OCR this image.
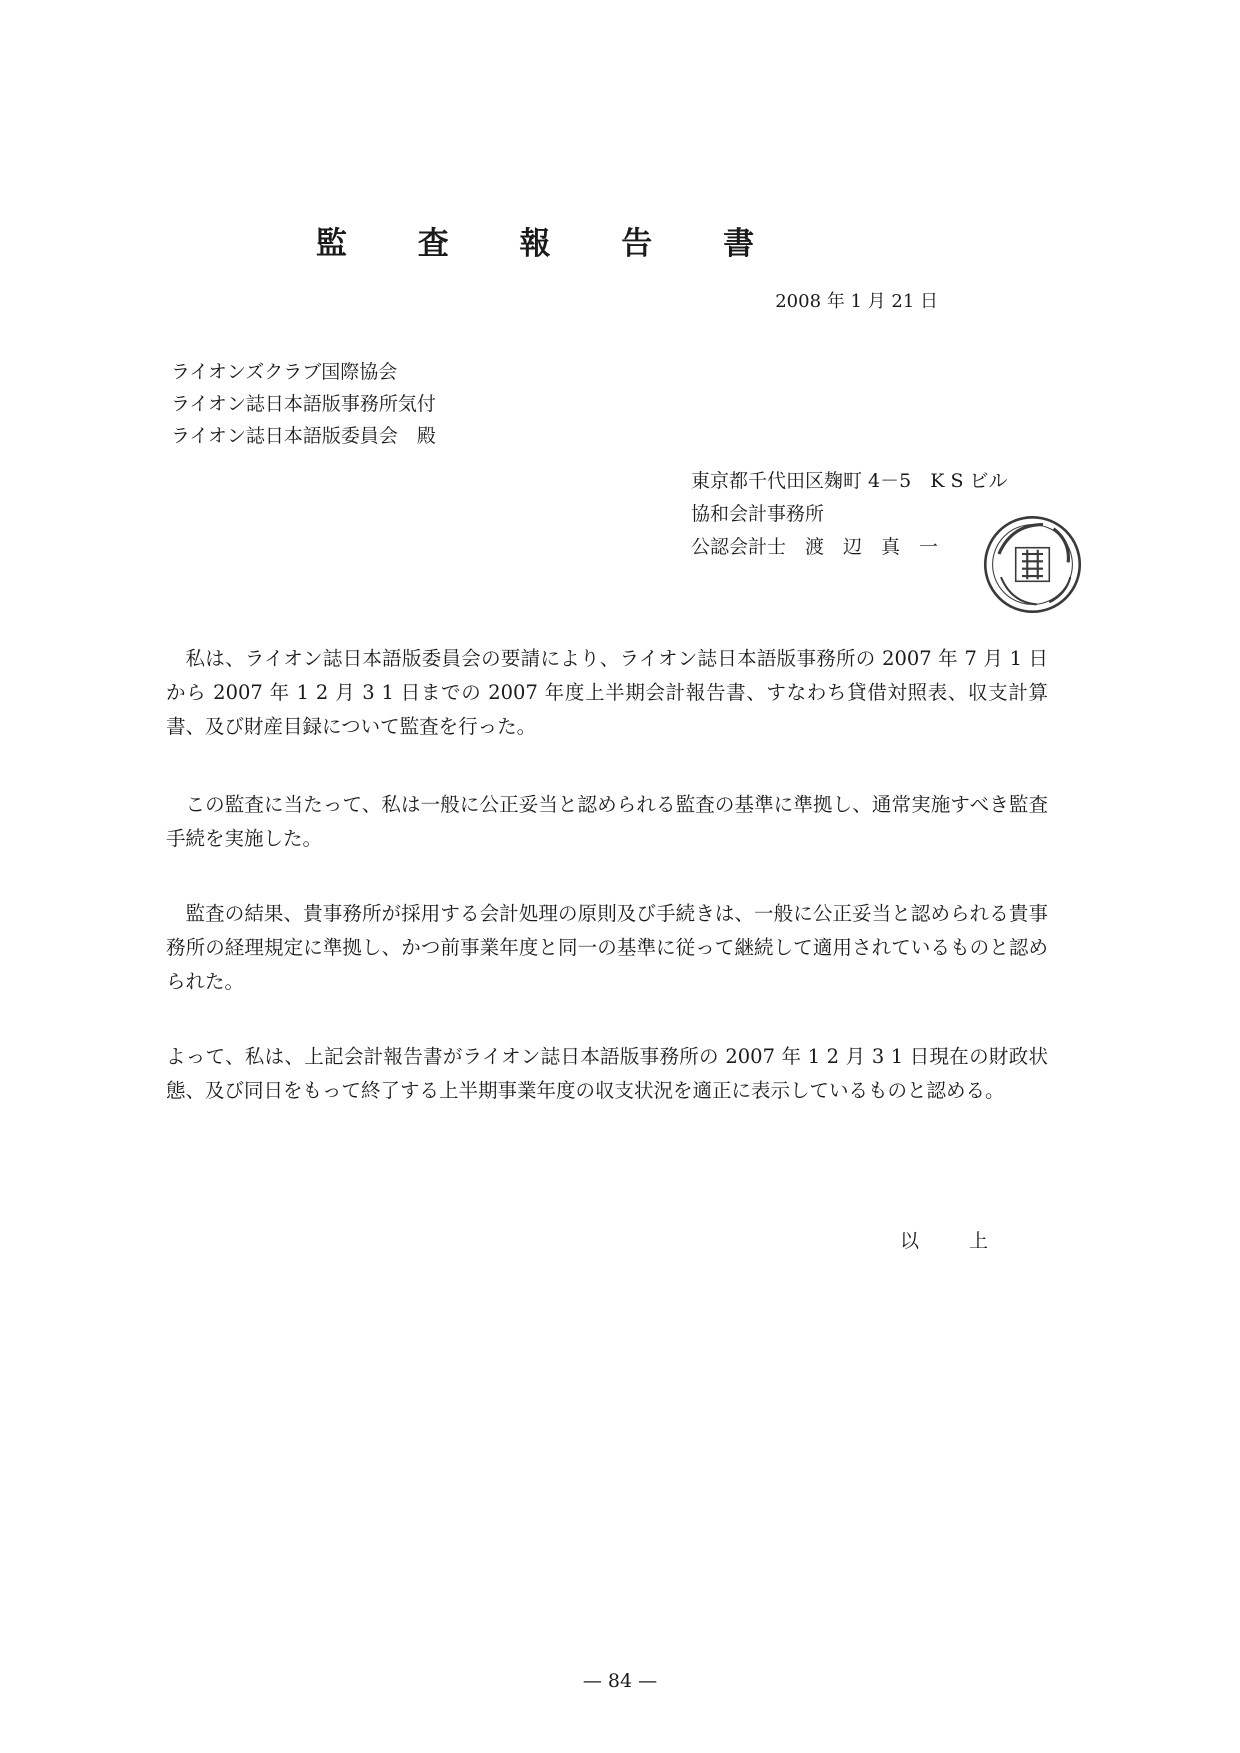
監 査 報 告 書
2008 年 1 月 21 日
ライオンズクラブ国際協会
ライオン誌日本語版事務所気付
ライオン誌日本語版委員会　殿
東京都千代田区麹町 4－5　K S ビル
協和会計事務所
公認会計士　渡　辺　真　一
私は、ライオン誌日本語版委員会の要請により、ライオン誌日本語版事務所の 2007 年 7 月 1 日から 2007 年 1 2 月 3 1 日までの 2007 年度上半期会計報告書、すなわち貸借対照表、収支計算書、及び財産目録について監査を行った。
この監査に当たって、私は一般に公正妥当と認められる監査の基準に準拠し、通常実施すべき監査手続を実施した。
監査の結果、貴事務所が採用する会計処理の原則及び手続きは、一般に公正妥当と認められる貴事務所の経理規定に準拠し、かつ前事業年度と同一の基準に従って継続して適用されているものと認められた。
よって、私は、上記会計報告書がライオン誌日本語版事務所の 2007 年 1 2 月 3 1 日現在の財政状態、及び同日をもって終了する上半期事業年度の収支状況を適正に表示しているものと認める。
以 上
— 84 —
